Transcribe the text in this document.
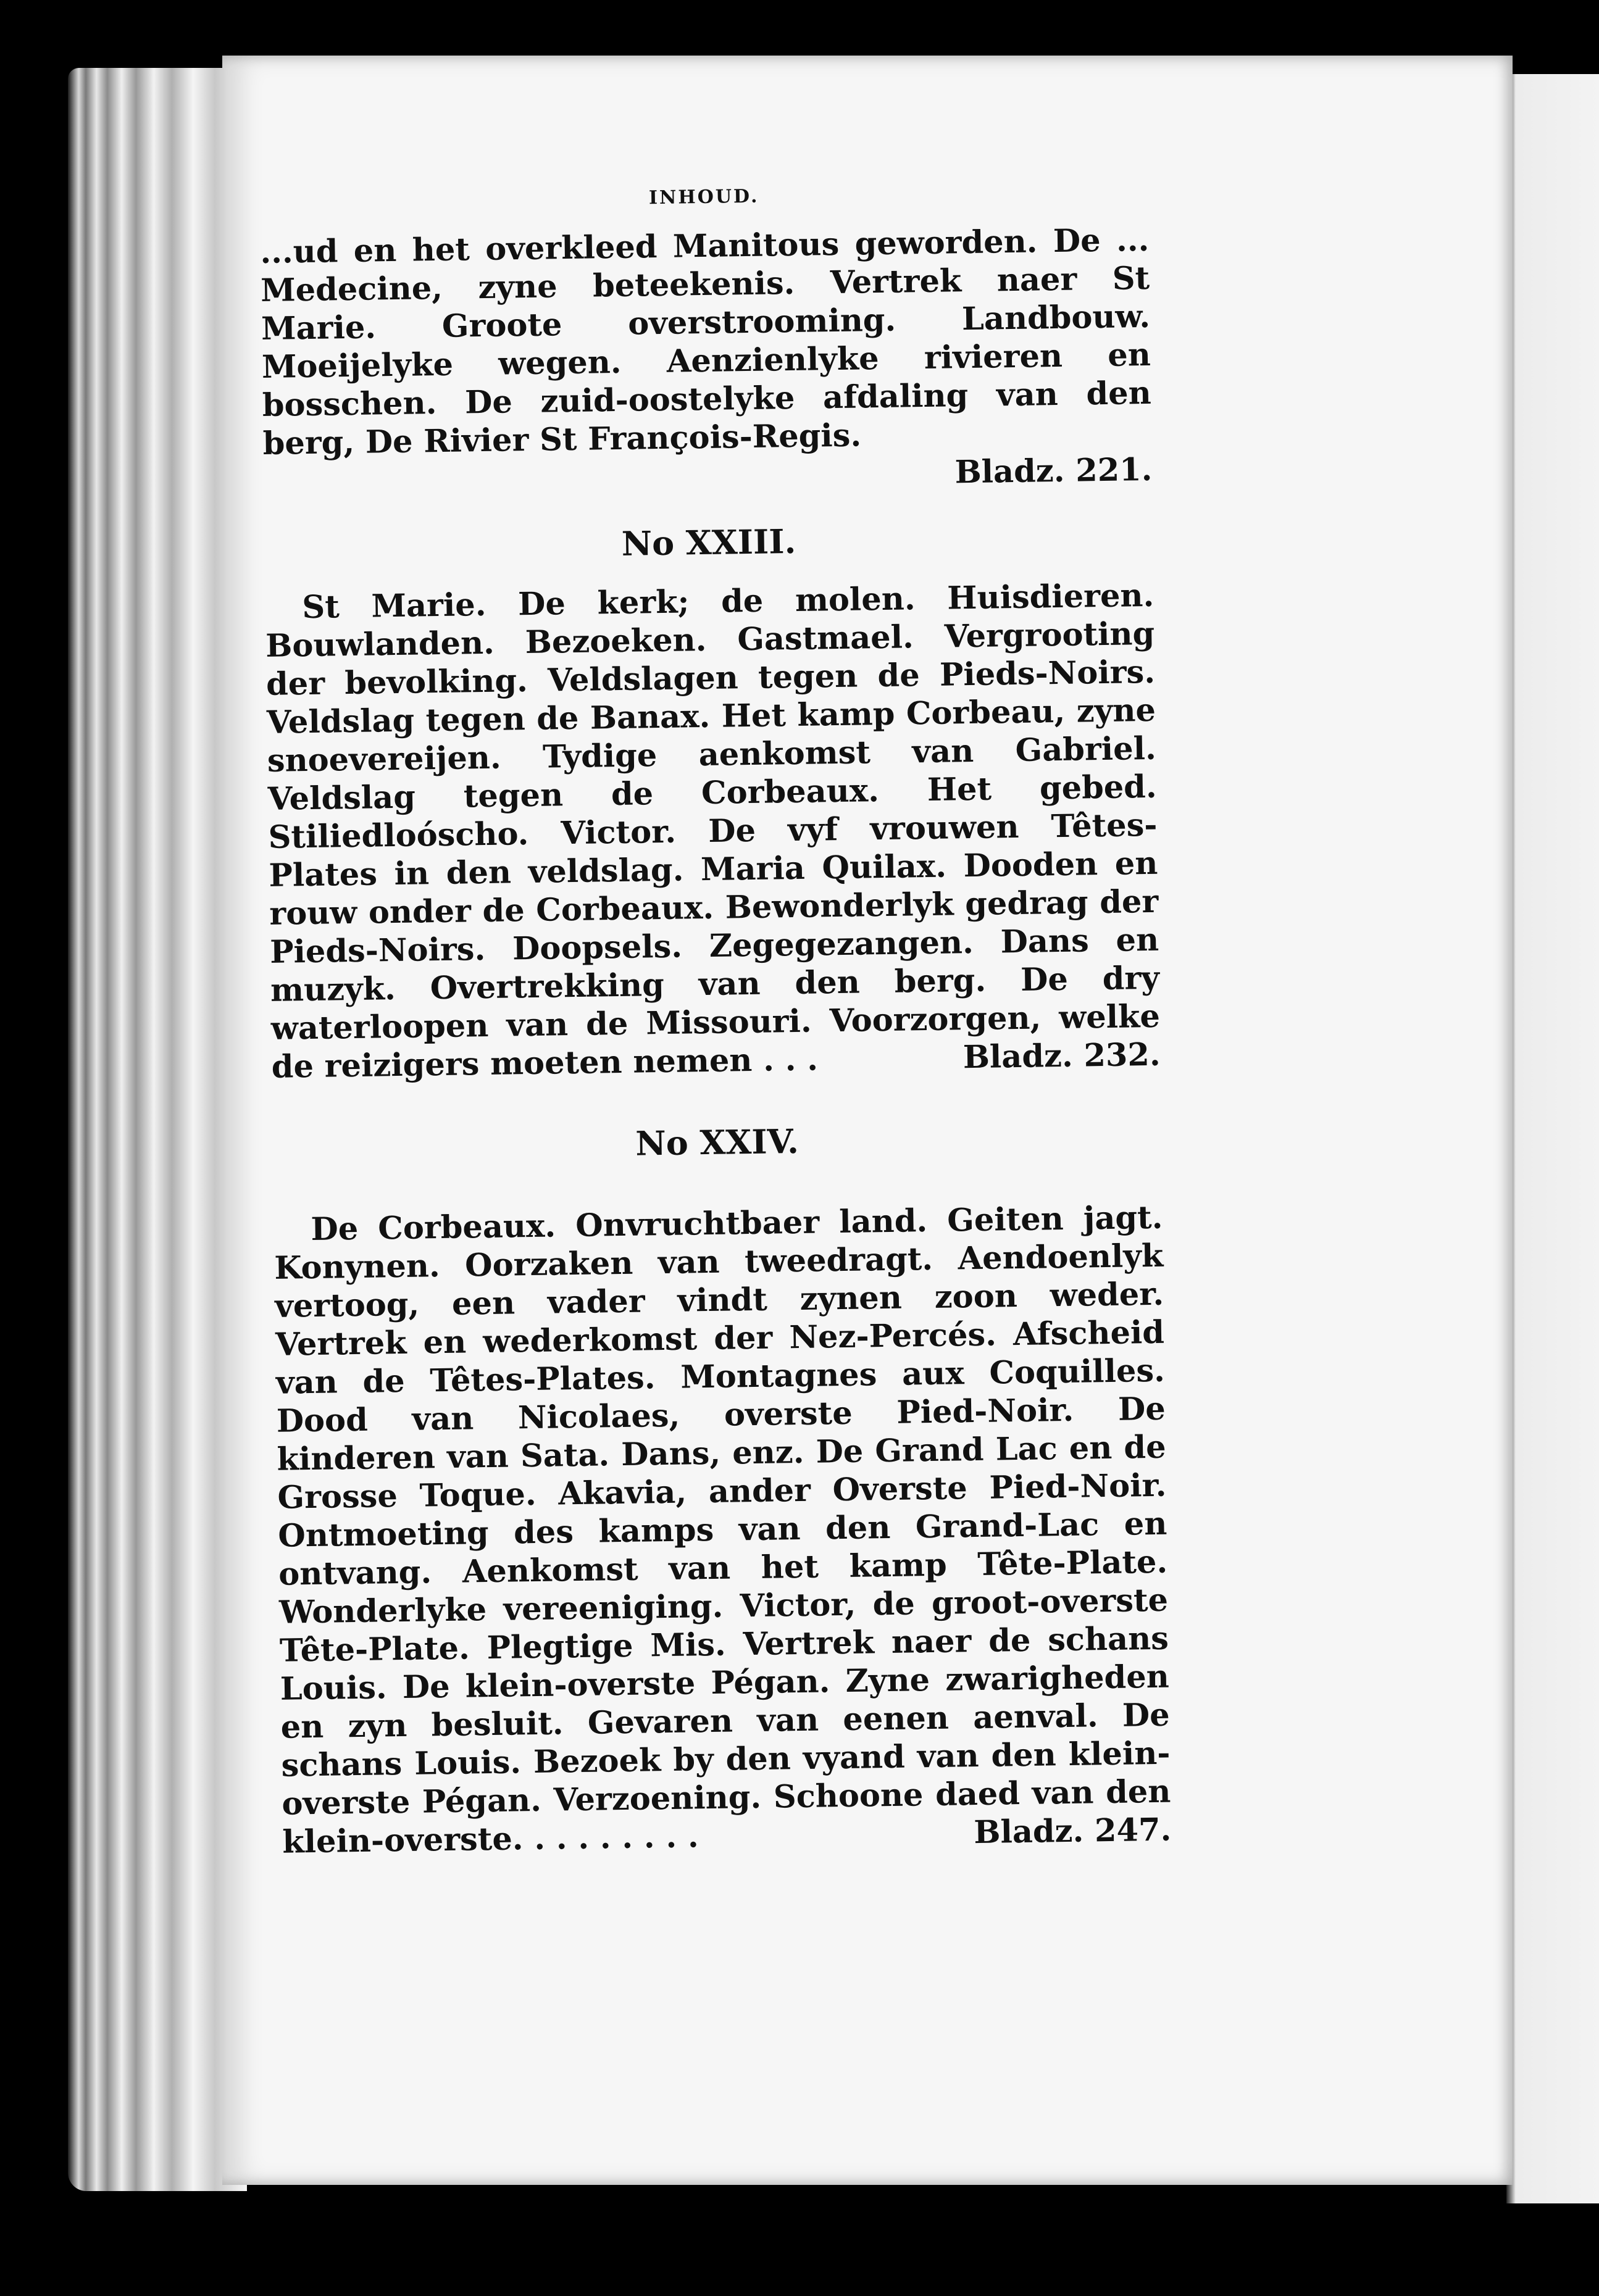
INHOUD.

...ud en het overkleed Manitous geworden. De ... Medecine, zyne beteekenis. Vertrek naer St Marie. Groote overstrooming. Landbouw. Moeijelyke wegen. Aenzienlyke rivieren en bosschen. De zuid-oostelyke afdaling van den berg, De Rivier St François-Regis.

Bladz. 221.

No XXIII.

St Marie. De kerk; de molen. Huisdieren. Bouwlanden. Bezoeken. Gastmael. Vergrooting der bevolking. Veldslagen tegen de Pieds-Noirs. Veldslag tegen de Banax. Het kamp Corbeau, zyne snoevereijen. Tydige aenkomst van Gabriel. Veldslag tegen de Corbeaux. Het gebed. Stiliedloóscho. Victor. De vyf vrouwen Têtes-Plates in den veldslag. Maria Quilax. Dooden en rouw onder de Corbeaux. Bewonderlyk gedrag der Pieds-Noirs. Doopsels. Zegegezangen. Dans en muzyk. Overtrekking van den berg. De dry waterloopen van de Missouri. Voorzorgen, welke de reizigers moeten nemen . . .	Bladz. 232.

No XXIV.

De Corbeaux. Onvruchtbaer land. Geiten jagt. Konynen. Oorzaken van tweedragt. Aendoenlyk vertoog, een vader vindt zynen zoon weder. Vertrek en wederkomst der Nez-Percés. Afscheid van de Têtes-Plates. Montagnes aux Coquilles. Dood van Nicolaes, overste Pied-Noir. De kinderen van Sata. Dans, enz. De Grand Lac en de Grosse Toque. Akavia, ander Overste Pied-Noir. Ontmoeting des kamps van den Grand-Lac en ontvang. Aenkomst van het kamp Tête-Plate. Wonderlyke vereeniging. Victor, de groot-overste Tête-Plate. Plegtige Mis. Vertrek naer de schans Louis. De klein-overste Pégan. Zyne zwarigheden en zyn besluit. Gevaren van eenen aenval. De schans Louis. Bezoek by den vyand van den klein-overste Pégan. Verzoening. Schoone daed van den klein-overste. . . . . . . . .	Bladz. 247.
